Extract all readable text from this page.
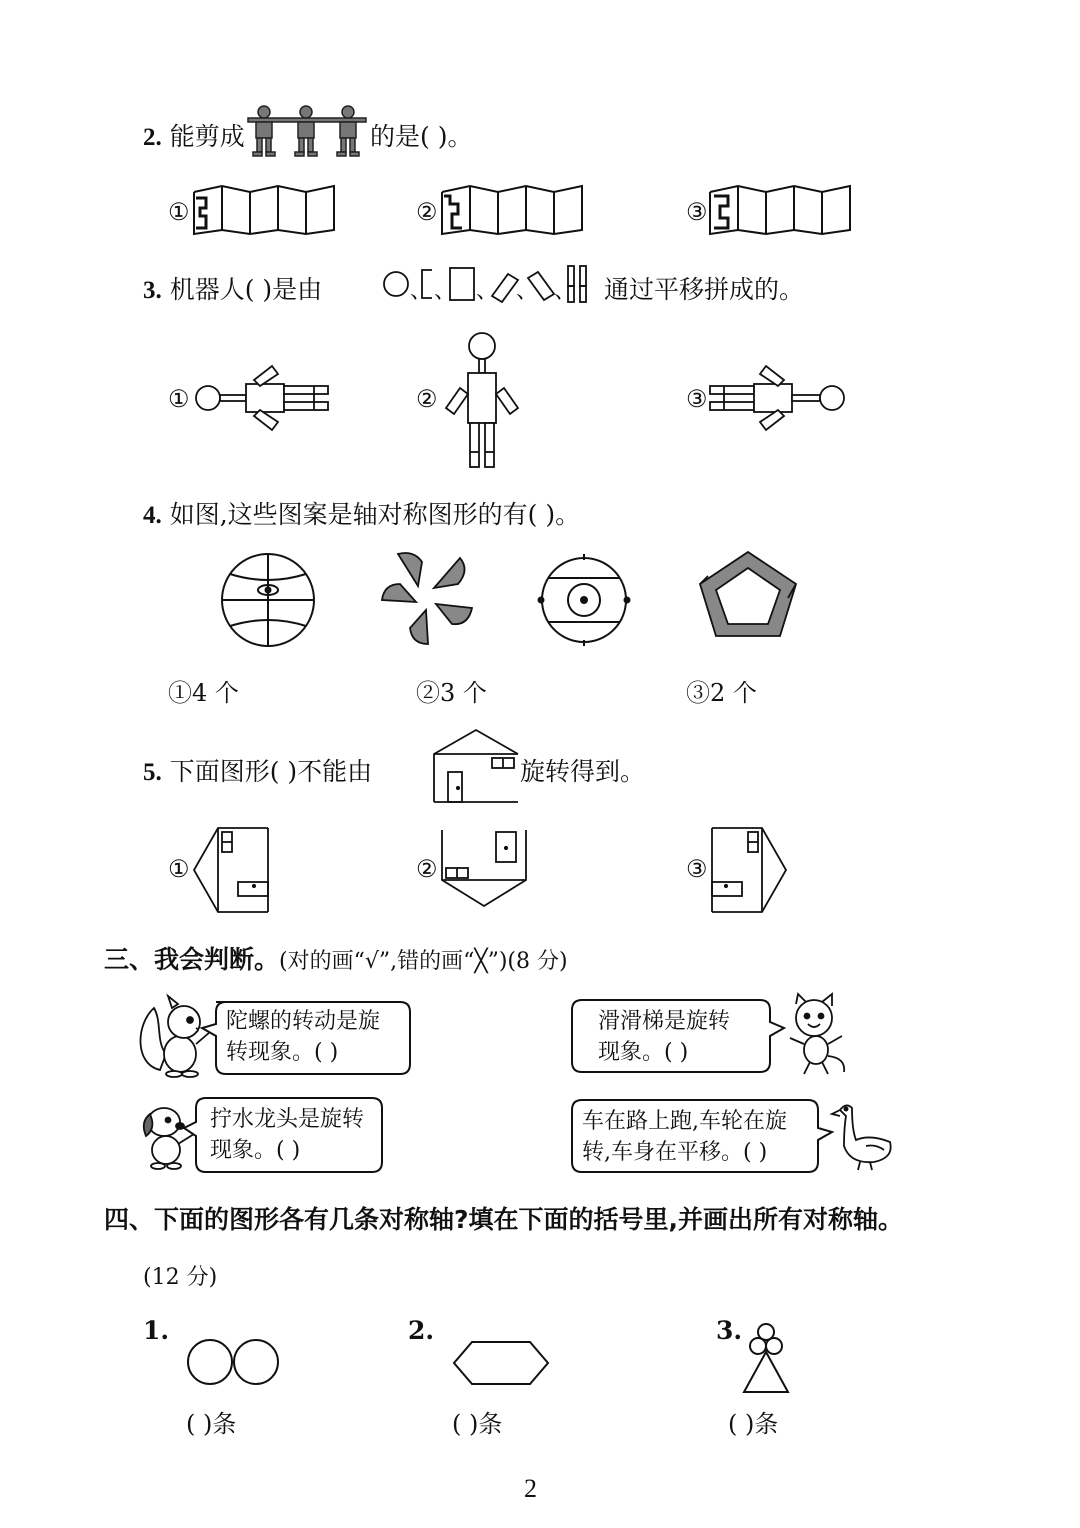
2. 能剪成	的是( )。
①	②	③
3. 机器人( )是由	、 、 、 、 、 通过平移拼成的。
①	②	③
4. 如图,这些图案是轴对称图形的有( )。
①4 个	②3 个	③2 个
5. 下面图形( )不能由	旋转得到。
①	②	③
三、我会判断。(对的画“√”,错的画“╳”)(8 分)
陀螺的转动是旋
转现象。( )
滑滑梯是旋转
现象。( )
拧水龙头是旋转
现象。( )
车在路上跑,车轮在旋
转,车身在平移。( )
四、下面的图形各有几条对称轴?填在下面的括号里,并画出所有对称轴。
(12 分)
1.
( )条
2.
( )条
3.
( )条
2
